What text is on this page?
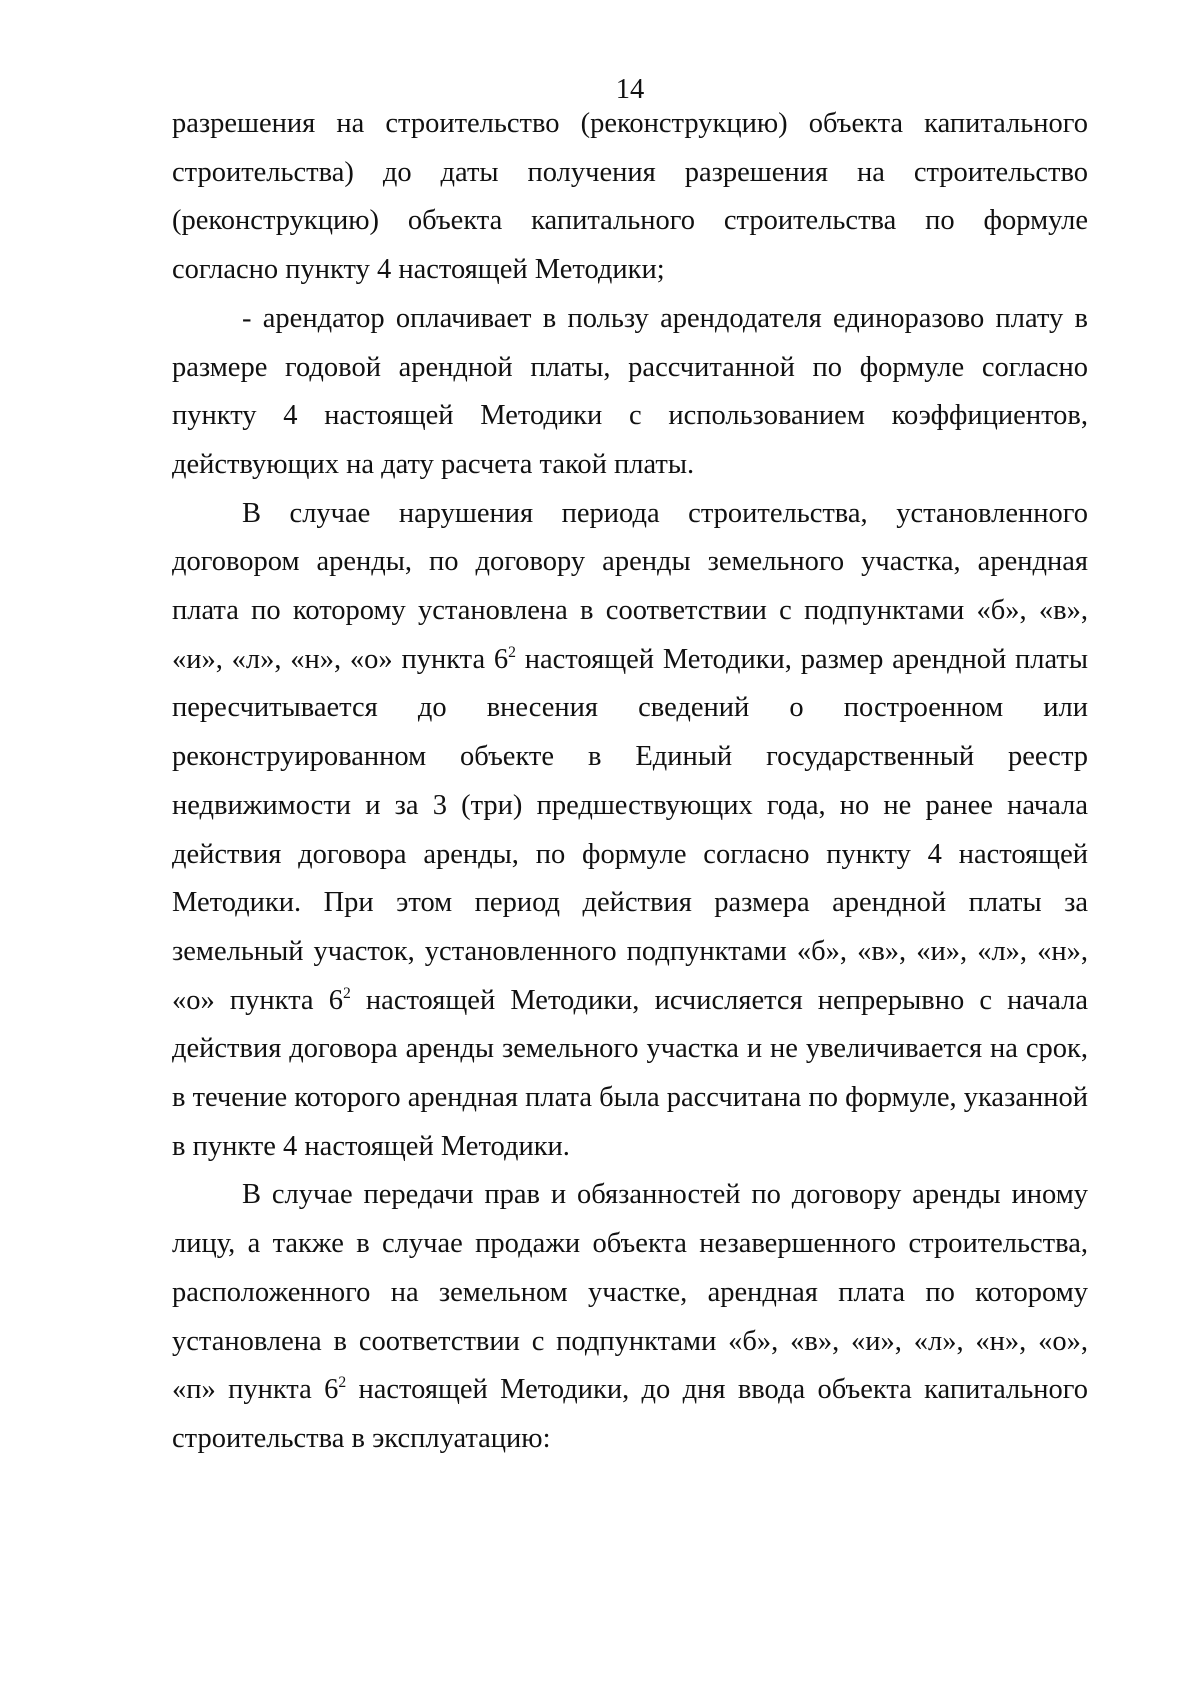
14

разрешения на строительство (реконструкцию) объекта капитального строительства) до даты получения разрешения на строительство (реконструкцию) объекта капитального строительства по формуле согласно пункту 4 настоящей Методики;

- арендатор оплачивает в пользу арендодателя единоразово плату в размере годовой арендной платы, рассчитанной по формуле согласно пункту 4 настоящей Методики с использованием коэффициентов, действующих на дату расчета такой платы.

В случае нарушения периода строительства, установленного договором аренды, по договору аренды земельного участка, арендная плата по которому установлена в соответствии с подпунктами «б», «в», «и», «л», «н», «о» пункта $6^2$ настоящей Методики, размер арендной платы пересчитывается до внесения сведений о построенном или реконструированном объекте в Единый государственный реестр недвижимости и за 3 (три) предшествующих года, но не ранее начала действия договора аренды, по формуле согласно пункту 4 настоящей Методики. При этом период действия размера арендной платы за земельный участок, установленного подпунктами «б», «в», «и», «л», «н», «о» пункта $6^2$ настоящей Методики, исчисляется непрерывно с начала действия договора аренды земельного участка и не увеличивается на срок, в течение которого арендная плата была рассчитана по формуле, указанной в пункте 4 настоящей Методики.

В случае передачи прав и обязанностей по договору аренды иному лицу, а также в случае продажи объекта незавершенного строительства, расположенного на земельном участке, арендная плата по которому установлена в соответствии с подпунктами «б», «в», «и», «л», «н», «о», «п» пункта $6^2$ настоящей Методики, до дня ввода объекта капитального строительства в эксплуатацию:
